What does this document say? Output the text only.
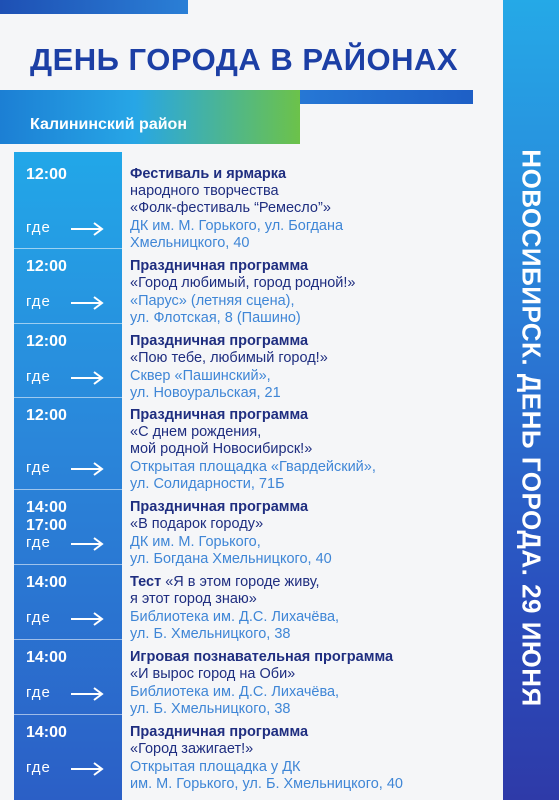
ДЕНЬ ГОРОДА В РАЙОНАХ
Калининский район
НОВОСИБИРСК. ДЕНЬ ГОРОДА. 29 ИЮНЯ
12:00
где
Фестиваль и ярмарка
народного творчества
«Фолк-фестиваль “Ремесло”»
ДК им. М. Горького, ул. Богдана
Хмельницкого, 40
12:00
где
Праздничная программа
«Город любимый, город родной!»
«Парус» (летняя сцена),
ул. Флотская, 8 (Пашино)
12:00
где
Праздничная программа
«Пою тебе, любимый город!»
Сквер «Пашинский»,
ул. Новоуральская, 21
12:00
где
Праздничная программа
«С днем рождения,
мой родной Новосибирск!»
Открытая площадка «Гвардейский»,
ул. Солидарности, 71Б
14:00
17:00
где
Праздничная программа
«В подарок городу»
ДК им. М. Горького,
ул. Богдана Хмельницкого, 40
14:00
где
Тест «Я в этом городе живу,
я этот город знаю»
Библиотека им. Д.С. Лихачёва,
ул. Б. Хмельницкого, 38
14:00
где
Игровая познавательная программа
«И вырос город на Оби»
Библиотека им. Д.С. Лихачёва,
ул. Б. Хмельницкого, 38
14:00
где
Праздничная программа
«Город зажигает!»
Открытая площадка у ДК
им. М. Горького, ул. Б. Хмельницкого, 40
